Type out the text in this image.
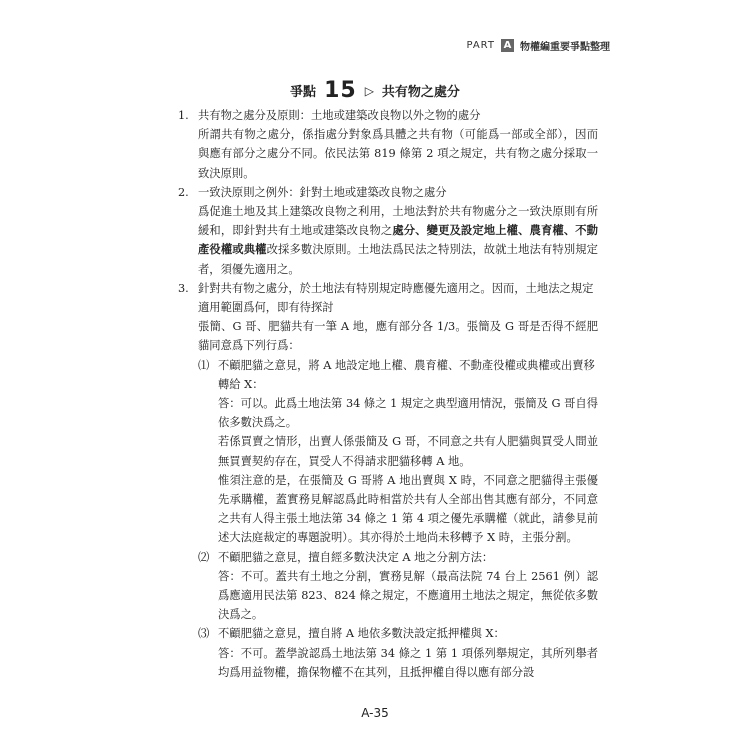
PART A 物權編重要爭點整理
爭點 15 ▷ 共有物之處分
1. 共有物之處分及原則：土地或建築改良物以外之物的處分
所謂共有物之處分，係指處分對象爲具體之共有物（可能爲一部或全部），因而與應有部分之處分不同。依民法第 819 條第 2 項之規定，共有物之處分採取一致決原則。
2. 一致決原則之例外：針對土地或建築改良物之處分
爲促進土地及其上建築改良物之利用，土地法對於共有物處分之一致決原則有所緩和，即針對共有土地或建築改良物之處分、變更及設定地上權、農育權、不動產役權或典權改採多數決原則。土地法爲民法之特別法，故就土地法有特別規定者，須優先適用之。
3. 針對共有物之處分，於土地法有特別規定時應優先適用之。因而，土地法之規定適用範圍爲何，即有待探討
張簡、G 哥、肥貓共有一筆 A 地，應有部分各 1/3。張簡及 G 哥是否得不經肥貓同意爲下列行爲：
⑴ 不顧肥貓之意見，將 A 地設定地上權、農育權、不動產役權或典權或出賣移轉給 X：
答：可以。此爲土地法第 34 條之 1 規定之典型適用情況，張簡及 G 哥自得依多數決爲之。
若係買賣之情形，出賣人係張簡及 G 哥，不同意之共有人肥貓與買受人間並無買賣契約存在，買受人不得請求肥貓移轉 A 地。
惟須注意的是，在張簡及 G 哥將 A 地出賣與 X 時，不同意之肥貓得主張優先承購權，蓋實務見解認爲此時相當於共有人全部出售其應有部分，不同意之共有人得主張土地法第 34 條之 1 第 4 項之優先承購權（就此，請參見前述大法庭裁定的專題說明）。其亦得於土地尚未移轉予 X 時，主張分割。
⑵ 不顧肥貓之意見，擅自經多數決決定 A 地之分割方法：
答：不可。蓋共有土地之分割，實務見解（最高法院 74 台上 2561 例）認爲應適用民法第 823、824 條之規定，不應適用土地法之規定，無從依多數決爲之。
⑶ 不顧肥貓之意見，擅自將 A 地依多數決設定抵押權與 X：
答：不可。蓋學說認爲土地法第 34 條之 1 第 1 項係列舉規定，其所列舉者均爲用益物權，擔保物權不在其列，且抵押權自得以應有部分設
A-35
